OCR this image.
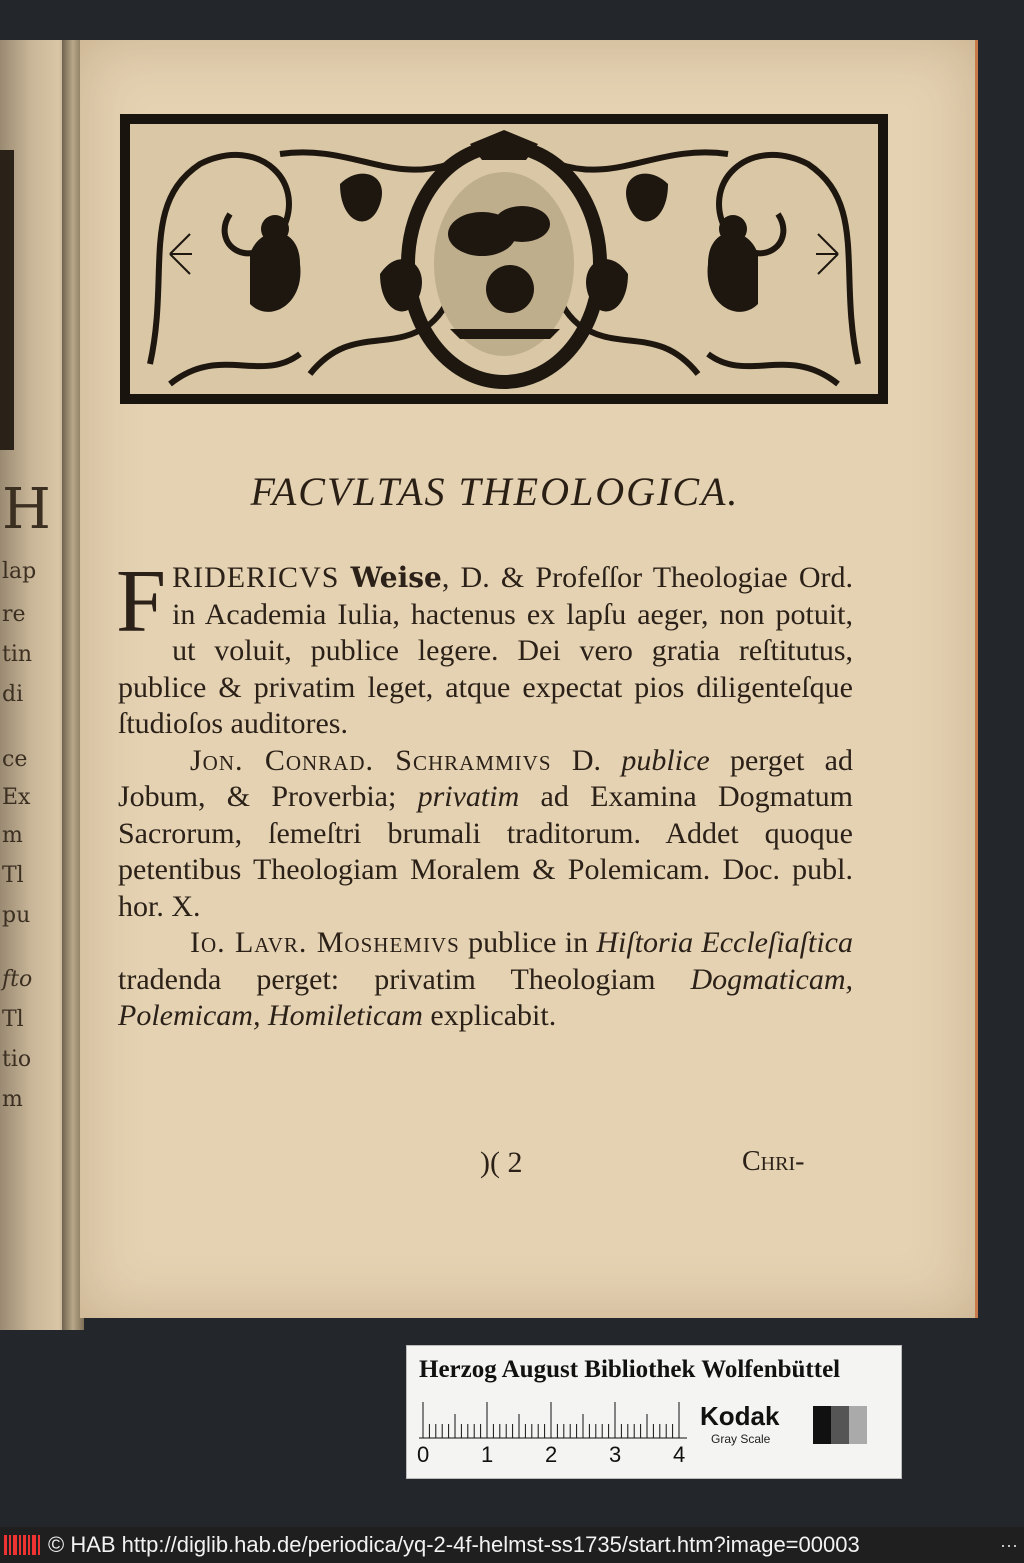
H
lap
re
tin
di
ce
Ex
m
Tl
pu
fto
Tl
tio
m
FACVLTAS THEOLOGICA.

FRIDERICVS Weise, D. & Profeſſor Theologiae Ord. in Academia Iulia, hactenus ex lapſu aeger, non potuit, ut voluit, publice legere. Dei vero gratia reſtitutus, publice & privatim leget, atque expectat pios diligenteſque ſtudioſos auditores.

Jon. Conrad. Schrammivs D. publice perget ad Jobum, & Proverbia; privatim ad Examina Dogmatum Sacrorum, ſemeſtri brumali traditorum. Addet quoque petentibus Theologiam Moralem & Polemicam. Doc. publ. hor. X.

Io. Lavr. Moshemivs publice in Hiſtoria Eccleſiaſtica tradenda perget: privatim Theologiam Dogmaticam, Polemicam, Homileticam explicabit.

)( 2	Chri-
Herzog August Bibliothek Wolfenbüttel
0 1 2 3 4
Kodak
Gray Scale
© HAB http://diglib.hab.de/periodica/yq-2-4f-helmst-ss1735/start.htm?image=00003	···
